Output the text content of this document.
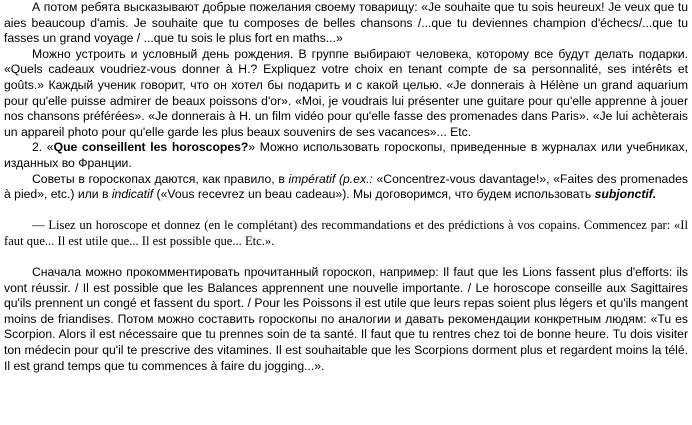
А потом ребята высказывают добрые пожелания своему товарищу: «Je souhaite que tu sois heureux! Je veux que tu aies beaucoup d'amis. Je souhaite que tu composes de belles chansons /...que tu deviennes champion d'échecs/...que tu fasses un grand voyage / ...que tu sois le plus fort en maths...»

Можно устроить и условный день рождения. В группе выбирают человека, которому все будут делать подарки. «Quels cadeaux voudriez-vous donner à H.? Expliquez votre choix en tenant compte de sa personnalité, ses intérêts et goûts.» Каждый ученик говорит, что он хотел бы подарить и с какой целью. «Je donnerais à Hélène un grand aquarium pour qu'elle puisse admirer de beaux poissons d'or». «Moi, je voudrais lui présenter une guitare pour qu'elle apprenne à jouer nos chansons préférées». «Je donnerais à H. un film vidéo pour qu'elle fasse des promenades dans Paris». «Je lui achèterais un appareil photo pour qu'elle garde les plus beaux souvenirs de ses vacances»... Etc.

2. «Que conseillent les horoscopes?» Можно использовать гороскопы, приведенные в журналах или учебниках, изданных во Франции.

Советы в гороскопах даются, как правило, в impératif (p.ex.: «Concentrez-vous davantage!», «Faites des promenades à pied», etc.) или в indicatif («Vous recevrez un beau cadeau»). Мы договоримся, что будем использовать subjonctif.

— Lisez un horoscope et donnez (en le complétant) des recommandations et des prédictions à vos copains. Commencez par: «Il faut que... Il est utile que... Il est possible que... Etc.».

Сначала можно прокомментировать прочитанный гороскоп, например: Il faut que les Lions fassent plus d'efforts: ils vont réussir. / Il est possible que les Balances apprennent une nouvelle importante. / Le horoscope conseille aux Sagittaires qu'ils prennent un congé et fassent du sport. / Pour les Poissons il est utile que leurs repas soient plus légers et qu'ils mangent moins de friandises. Потом можно составить гороскопы по аналогии и давать рекомендации конкретным людям: «Tu es Scorpion. Alors il est nécessaire que tu prennes soin de ta santé. Il faut que tu rentres chez toi de bonne heure. Tu dois visiter ton médecin pour qu'il te prescrive des vitamines. Il est souhaitable que les Scorpions dorment plus et regardent moins la télé. Il est grand temps que tu commences à faire du jogging...».
